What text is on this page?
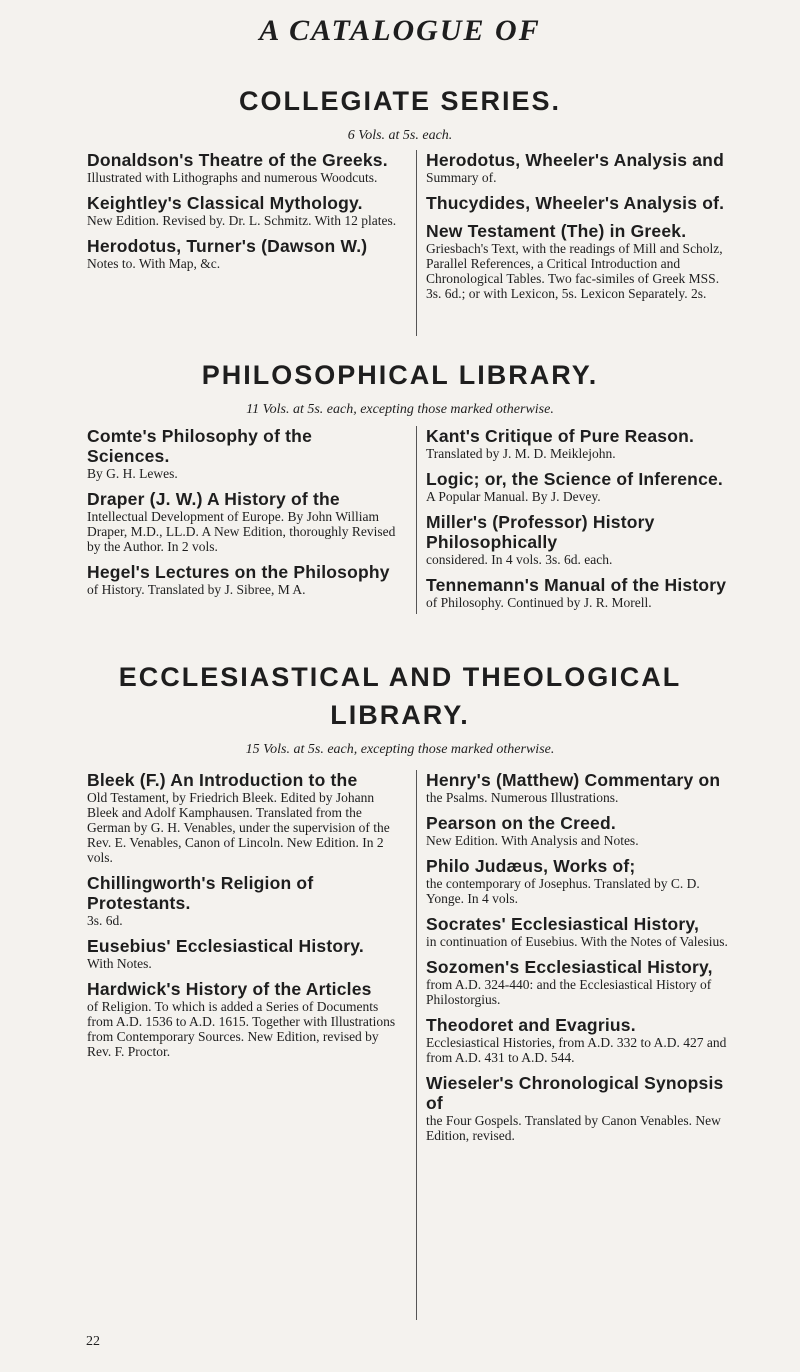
A CATALOGUE OF
COLLEGIATE SERIES.
6 Vols. at 5s. each.
Donaldson's Theatre of the Greeks.
Illustrated with Lithographs and numerous Woodcuts.
Keightley's Classical Mythology.
New Edition. Revised by. Dr. L. Schmitz. With 12 plates.
Herodotus, Turner's (Dawson W.)
Notes to. With Map, &c.
Herodotus, Wheeler's Analysis and
Summary of.
Thucydides, Wheeler's Analysis of.
New Testament (The) in Greek.
Griesbach's Text, with the readings of Mill and Scholz, Parallel References, a Critical Introduction and Chronological Tables. Two fac-similes of Greek MSS. 3s. 6d.; or with Lexicon, 5s. Lexicon Separately. 2s.
PHILOSOPHICAL LIBRARY.
11 Vols. at 5s. each, excepting those marked otherwise.
Comte's Philosophy of the Sciences.
By G. H. Lewes.
Draper (J. W.) A History of the
Intellectual Development of Europe. By John William Draper, M.D., LL.D. A New Edition, thoroughly Revised by the Author. In 2 vols.
Hegel's Lectures on the Philosophy
of History. Translated by J. Sibree, M A.
Kant's Critique of Pure Reason.
Translated by J. M. D. Meiklejohn.
Logic; or, the Science of Inference.
A Popular Manual. By J. Devey.
Miller's (Professor) History Philosophically
considered. In 4 vols. 3s. 6d. each.
Tennemann's Manual of the History
of Philosophy. Continued by J. R. Morell.
ECCLESIASTICAL AND THEOLOGICAL
LIBRARY.
15 Vols. at 5s. each, excepting those marked otherwise.
Bleek (F.) An Introduction to the
Old Testament, by Friedrich Bleek. Edited by Johann Bleek and Adolf Kamphausen. Translated from the German by G. H. Venables, under the supervision of the Rev. E. Venables, Canon of Lincoln. New Edition. In 2 vols.
Chillingworth's Religion of Protestants.
3s. 6d.
Eusebius' Ecclesiastical History.
With Notes.
Hardwick's History of the Articles
of Religion. To which is added a Series of Documents from A.D. 1536 to A.D. 1615. Together with Illustrations from Contemporary Sources. New Edition, revised by Rev. F. Proctor.
Henry's (Matthew) Commentary on
the Psalms. Numerous Illustrations.
Pearson on the Creed.
New Edition. With Analysis and Notes.
Philo Judæus, Works of;
the contemporary of Josephus. Translated by C. D. Yonge. In 4 vols.
Socrates' Ecclesiastical History,
in continuation of Eusebius. With the Notes of Valesius.
Sozomen's Ecclesiastical History,
from A.D. 324-440: and the Ecclesiastical History of Philostorgius.
Theodoret and Evagrius.
Ecclesiastical Histories, from A.D. 332 to A.D. 427 and from A.D. 431 to A.D. 544.
Wieseler's Chronological Synopsis of
the Four Gospels. Translated by Canon Venables. New Edition, revised.
22
